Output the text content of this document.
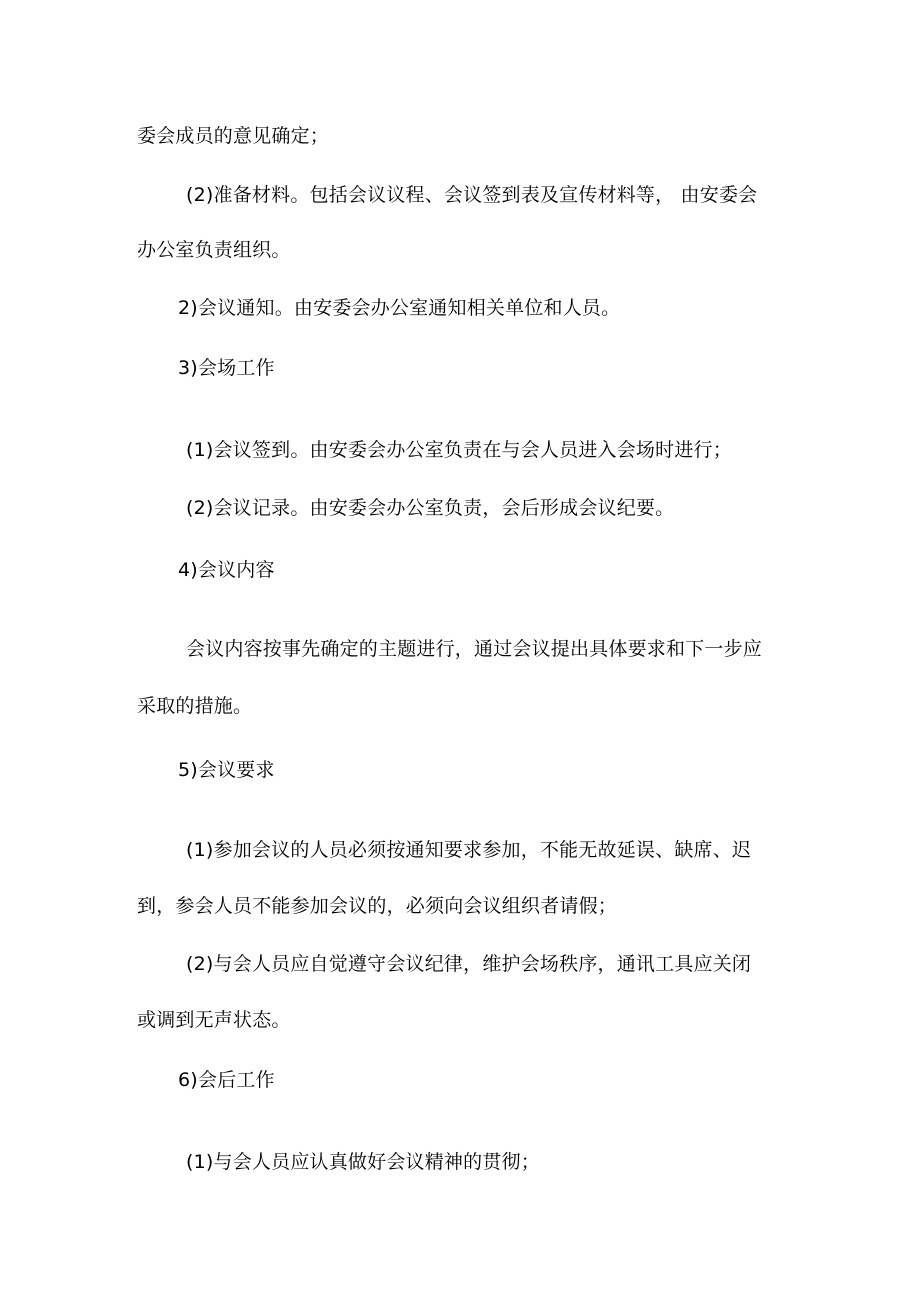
委会成员的意见确定；
(2)准备材料。包括会议议程、会议签到表及宣传材料等， 由安委会
办公室负责组织。
2)会议通知。由安委会办公室通知相关单位和人员。
3)会场工作
(1)会议签到。由安委会办公室负责在与会人员进入会场时进行；
(2)会议记录。由安委会办公室负责，会后形成会议纪要。
4)会议内容
会议内容按事先确定的主题进行，通过会议提出具体要求和下一步应
采取的措施。
5)会议要求
(1)参加会议的人员必须按通知要求参加，不能无故延误、缺席、迟
到，参会人员不能参加会议的，必须向会议组织者请假；
(2)与会人员应自觉遵守会议纪律，维护会场秩序，通讯工具应关闭
或调到无声状态。
6)会后工作
(1)与会人员应认真做好会议精神的贯彻；
